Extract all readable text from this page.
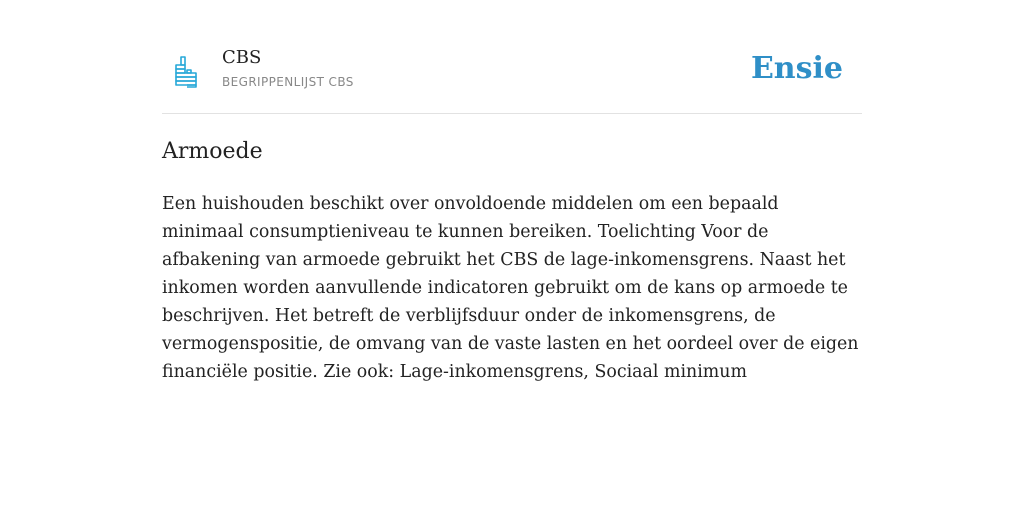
CBS
BEGRIPPENLIJST CBS	Ensie
Armoede

Een huishouden beschikt over onvoldoende middelen om een bepaald minimaal consumptieniveau te kunnen bereiken. Toelichting Voor de afbakening van armoede gebruikt het CBS de lage-inkomensgrens. Naast het inkomen worden aanvullende indicatoren gebruikt om de kans op armoede te beschrijven. Het betreft de verblijfsduur onder de inkomensgrens, de vermogenspositie, de omvang van de vaste lasten en het oordeel over de eigen financiële positie. Zie ook: Lage-inkomensgrens, Sociaal minimum
